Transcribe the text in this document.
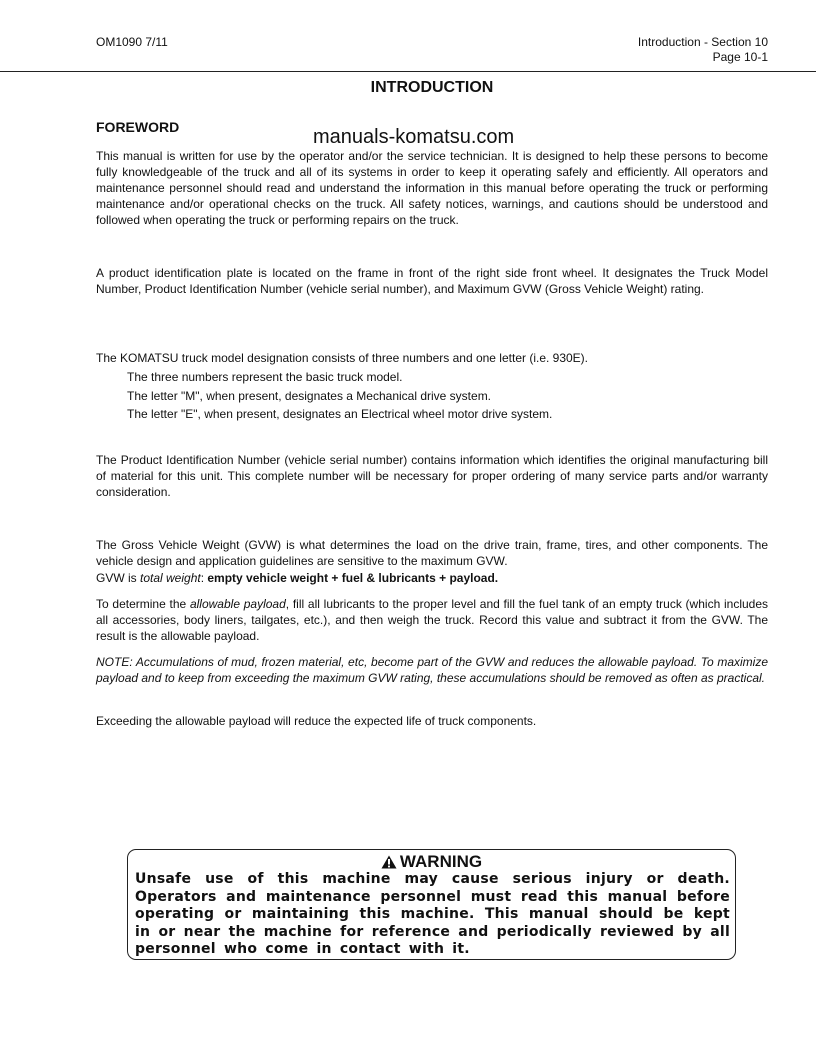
OM1090 7/11	Introduction - Section 10
Page 10-1
INTRODUCTION
FOREWORD	manuals-komatsu.com

This manual is written for use by the operator and/or the service technician. It is designed to help these persons to become fully knowledgeable of the truck and all of its systems in order to keep it operating safely and efficiently. All operators and maintenance personnel should read and understand the information in this manual before operating the truck or performing maintenance and/or operational checks on the truck. All safety notices, warnings, and cautions should be understood and followed when operating the truck or performing repairs on the truck.

A product identification plate is located on the frame in front of the right side front wheel. It designates the Truck Model Number, Product Identification Number (vehicle serial number), and Maximum GVW (Gross Vehicle Weight) rating.

The KOMATSU truck model designation consists of three numbers and one letter (i.e. 930E).

The three numbers represent the basic truck model.

The letter "M", when present, designates a Mechanical drive system.

The letter "E", when present, designates an Electrical wheel motor drive system.

The Product Identification Number (vehicle serial number) contains information which identifies the original manufacturing bill of material for this unit. This complete number will be necessary for proper ordering of many service parts and/or warranty consideration.

The Gross Vehicle Weight (GVW) is what determines the load on the drive train, frame, tires, and other components. The vehicle design and application guidelines are sensitive to the maximum GVW.

GVW is total weight: empty vehicle weight + fuel & lubricants + payload.

To determine the allowable payload, fill all lubricants to the proper level and fill the fuel tank of an empty truck (which includes all accessories, body liners, tailgates, etc.), and then weigh the truck. Record this value and subtract it from the GVW. The result is the allowable payload.

NOTE: Accumulations of mud, frozen material, etc, become part of the GVW and reduces the allowable payload. To maximize payload and to keep from exceeding the maximum GVW rating, these accumulations should be removed as often as practical.

Exceeding the allowable payload will reduce the expected life of truck components.

WARNING

Unsafe use of this machine may cause serious injury or death. Operators and maintenance personnel must read this manual before operating or maintaining this machine. This manual should be kept in or near the machine for reference and periodically reviewed by all personnel who come in contact with it.
